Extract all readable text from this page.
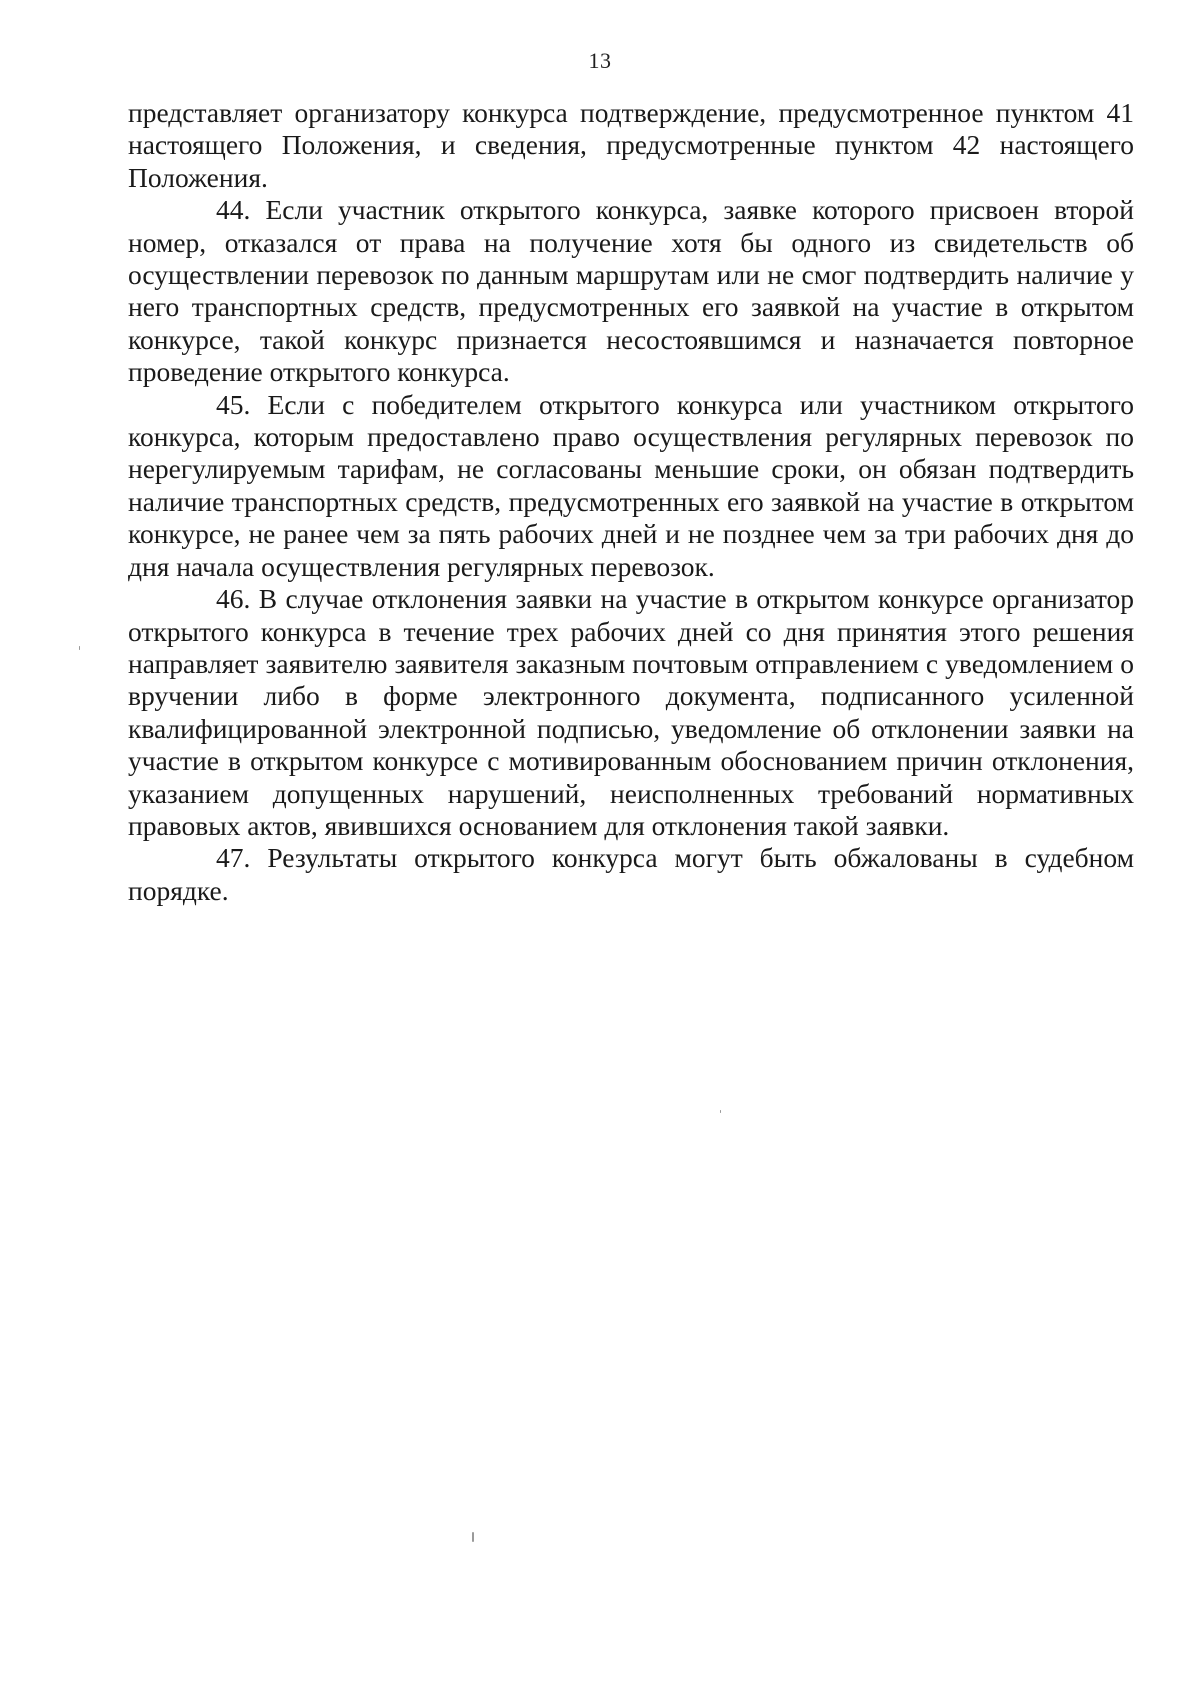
13

представляет организатору конкурса подтверждение, предусмотренное пунктом 41 настоящего Положения, и сведения, предусмотренные пунктом 42 настоящего Положения.

44. Если участник открытого конкурса, заявке которого присвоен второй номер, отказался от права на получение хотя бы одного из свидетельств об осуществлении перевозок по данным маршрутам или не смог подтвердить наличие у него транспортных средств, предусмотренных его заявкой на участие в открытом конкурсе, такой конкурс признается несостоявшимся и назначается повторное проведение открытого конкурса.

45. Если с победителем открытого конкурса или участником открытого конкурса, которым предоставлено право осуществления регулярных перевозок по нерегулируемым тарифам, не согласованы меньшие сроки, он обязан подтвердить наличие транспортных средств, предусмотренных его заявкой на участие в открытом конкурсе, не ранее чем за пять рабочих дней и не позднее чем за три рабочих дня до дня начала осуществления регулярных перевозок.

46. В случае отклонения заявки на участие в открытом конкурсе организатор открытого конкурса в течение трех рабочих дней со дня принятия этого решения направляет заявителю заявителя заказным почтовым отправлением с уведомлением о вручении либо в форме электронного документа, подписанного усиленной квалифицированной электронной подписью, уведомление об отклонении заявки на участие в открытом конкурсе с мотивированным обоснованием причин отклонения, указанием допущенных нарушений, неисполненных требований нормативных правовых актов, явившихся основанием для отклонения такой заявки.

47. Результаты открытого конкурса могут быть обжалованы в судебном порядке.
